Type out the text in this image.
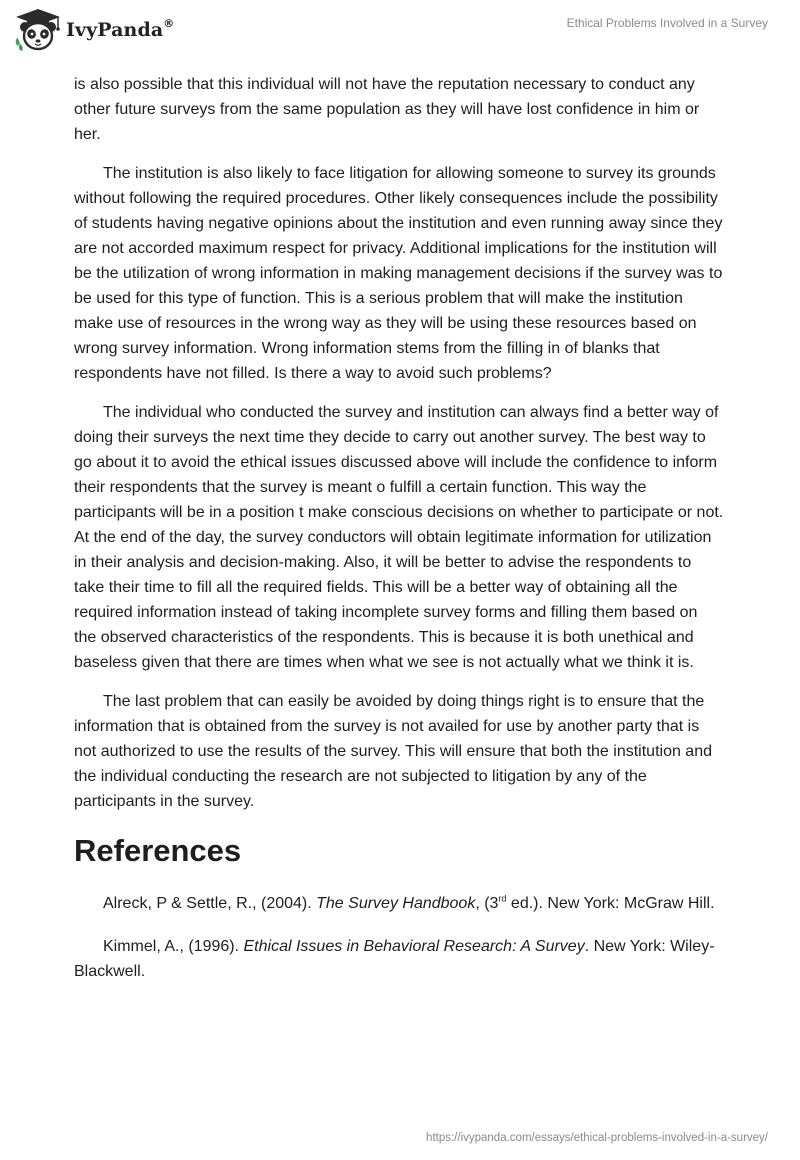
IvyPanda®	Ethical Problems Involved in a Survey

is also possible that this individual will not have the reputation necessary to conduct any other future surveys from the same population as they will have lost confidence in him or her.

The institution is also likely to face litigation for allowing someone to survey its grounds without following the required procedures. Other likely consequences include the possibility of students having negative opinions about the institution and even running away since they are not accorded maximum respect for privacy. Additional implications for the institution will be the utilization of wrong information in making management decisions if the survey was to be used for this type of function. This is a serious problem that will make the institution make use of resources in the wrong way as they will be using these resources based on wrong survey information. Wrong information stems from the filling in of blanks that respondents have not filled. Is there a way to avoid such problems?

The individual who conducted the survey and institution can always find a better way of doing their surveys the next time they decide to carry out another survey. The best way to go about it to avoid the ethical issues discussed above will include the confidence to inform their respondents that the survey is meant o fulfill a certain function. This way the participants will be in a position t make conscious decisions on whether to participate or not. At the end of the day, the survey conductors will obtain legitimate information for utilization in their analysis and decision-making. Also, it will be better to advise the respondents to take their time to fill all the required fields. This will be a better way of obtaining all the required information instead of taking incomplete survey forms and filling them based on the observed characteristics of the respondents. This is because it is both unethical and baseless given that there are times when what we see is not actually what we think it is.

The last problem that can easily be avoided by doing things right is to ensure that the information that is obtained from the survey is not availed for use by another party that is not authorized to use the results of the survey. This will ensure that both the institution and the individual conducting the research are not subjected to litigation by any of the participants in the survey.

References

Alreck, P & Settle, R., (2004). The Survey Handbook, (3rd ed.). New York: McGraw Hill.

Kimmel, A., (1996). Ethical Issues in Behavioral Research: A Survey. New York: Wiley-Blackwell.

https://ivypanda.com/essays/ethical-problems-involved-in-a-survey/
